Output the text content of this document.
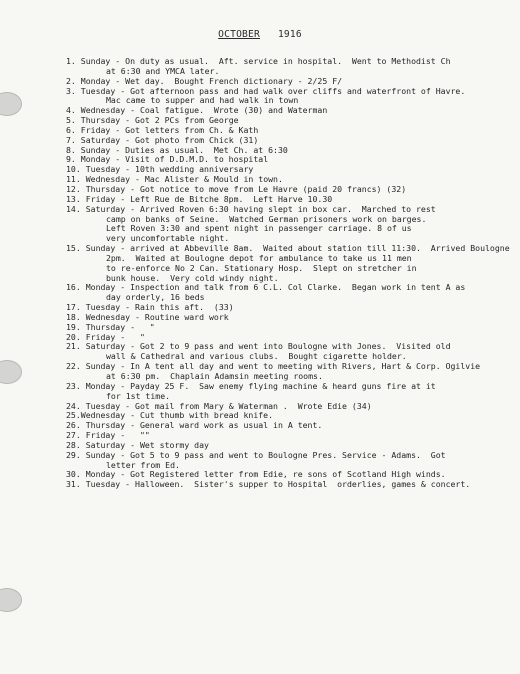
OCTOBER 1916
1. Sunday - On duty as usual.  Aft. service in hospital.  Went to Methodist Ch
at 6:30 and YMCA later.
2. Monday - Wet day.  Bought French dictionary - 2/25 F/
3. Tuesday - Got afternoon pass and had walk over cliffs and waterfront of Havre.
Mac came to supper and had walk in town
4. Wednesday - Coal fatigue.  Wrote (30) and Waterman
5. Thursday - Got 2 PCs from George
6. Friday - Got letters from Ch. & Kath
7. Saturday - Got photo from Chick (31)
8. Sunday - Duties as usual.  Met Ch. at 6:30
9. Monday - Visit of D.D.M.D. to hospital
10. Tuesday - 10th wedding anniversary
11. Wednesday - Mac Alister & Mould in town.
12. Thursday - Got notice to move from Le Havre (paid 20 francs) (32)
13. Friday - Left Rue de Bitche 8pm.  Left Harve 10.30
14. Saturday - Arrived Roven 6:30 having slept in box car.  Marched to rest
camp on banks of Seine.  Watched German prisoners work on barges.
Left Roven 3:30 and spent night in passenger carriage. 8 of us
very uncomfortable night.
15. Sunday - arrived at Abbeville 8am.  Waited about station till 11:30.  Arrived Boulogne
2pm.  Waited at Boulogne depot for ambulance to take us 11 men
to re-enforce No 2 Can. Stationary Hosp.  Slept on stretcher in
bunk house.  Very cold windy night.
16. Monday - Inspection and talk from 6 C.L. Col Clarke.  Began work in tent A as
day orderly, 16 beds
17. Tuesday - Rain this aft.  (33)
18. Wednesday - Routine ward work
19. Thursday -   "
20. Friday -   "
21. Saturday - Got 2 to 9 pass and went into Boulogne with Jones.  Visited old
wall & Cathedral and various clubs.  Bought cigarette holder.
22. Sunday - In A tent all day and went to meeting with Rivers, Hart & Corp. Ogilvie
at 6:30 pm.  Chaplain Adamsin meeting rooms.
23. Monday - Payday 25 F.  Saw enemy flying machine & heard guns fire at it
for 1st time.
24. Tuesday - Got mail from Mary & Waterman .  Wrote Edie (34)
25.Wednesday - Cut thumb with bread knife.
26. Thursday - General ward work as usual in A tent.
27. Friday -   ""
28. Saturday - Wet stormy day
29. Sunday - Got 5 to 9 pass and went to Boulogne Pres. Service - Adams.  Got
letter from Ed.
30. Monday - Got Registered letter from Edie, re sons of Scotland High winds.
31. Tuesday - Halloween.  Sister's supper to Hospital  orderlies, games & concert.
